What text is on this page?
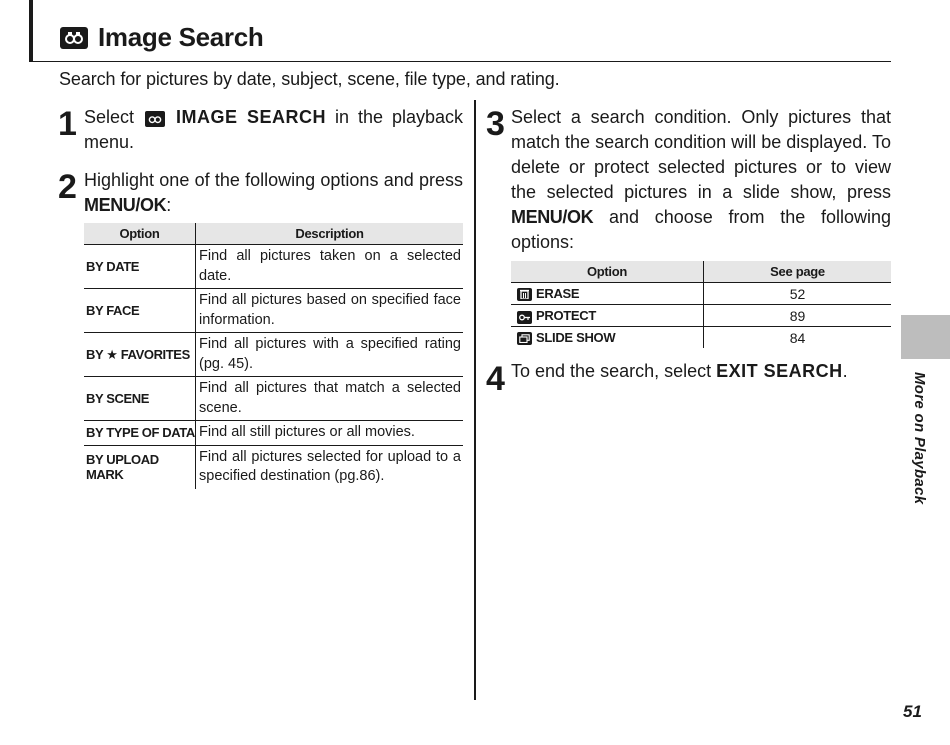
Image Search
Search for pictures by date, subject, scene, file type, and rating.
1 Select IMAGE SEARCH in the playback menu.
2 Highlight one of the following options and press MENU/OK:
Option	Description
BY DATE	Find all pictures taken on a selected date.
BY FACE	Find all pictures based on specified face information.
BY ★ FAVORITES	Find all pictures with a specified rating (pg. 45).
BY SCENE	Find all pictures that match a selected scene.
BY TYPE OF DATA	Find all still pictures or all movies.
BY UPLOAD MARK	Find all pictures selected for upload to a specified destination (pg.86).
3 Select a search condition. Only pictures that match the search condition will be displayed. To delete or protect selected pictures or to view the selected pictures in a slide show, press MENU/OK and choose from the following options:
Option	See page

ERASE	52

PROTECT	89

SLIDE SHOW	84
4 To end the search, select EXIT SEARCH.
More on Playback
51
